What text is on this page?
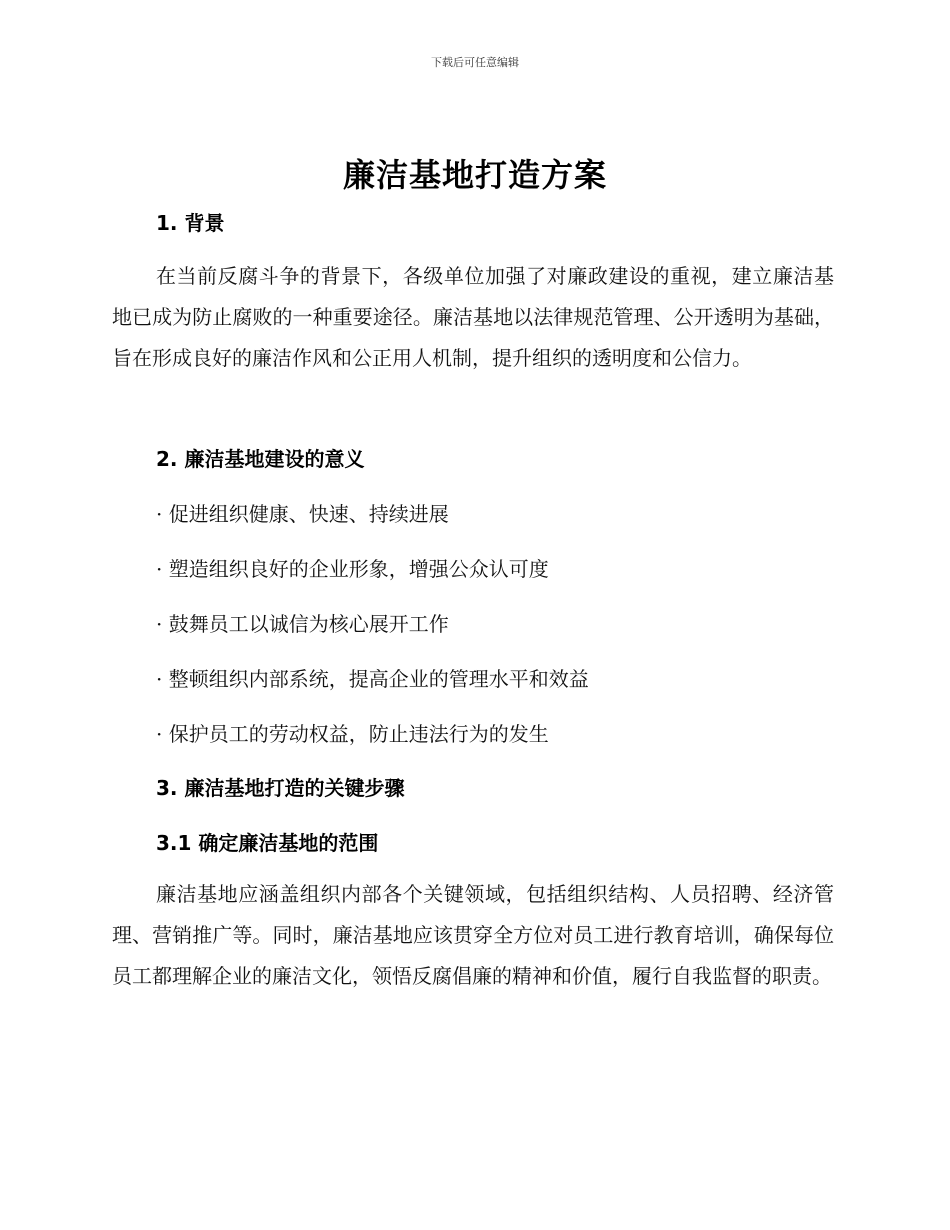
下载后可任意编辑
廉洁基地打造方案
1. 背景
在当前反腐斗争的背景下，各级单位加强了对廉政建设的重视，建立廉洁基地已成为防止腐败的一种重要途径。廉洁基地以法律规范管理、公开透明为基础，旨在形成良好的廉洁作风和公正用人机制，提升组织的透明度和公信力。
2. 廉洁基地建设的意义
· 促进组织健康、快速、持续进展
· 塑造组织良好的企业形象，增强公众认可度
· 鼓舞员工以诚信为核心展开工作
· 整顿组织内部系统，提高企业的管理水平和效益
· 保护员工的劳动权益，防止违法行为的发生
3. 廉洁基地打造的关键步骤
3.1 确定廉洁基地的范围
廉洁基地应涵盖组织内部各个关键领域，包括组织结构、人员招聘、经济管理、营销推广等。同时，廉洁基地应该贯穿全方位对员工进行教育培训，确保每位员工都理解企业的廉洁文化，领悟反腐倡廉的精神和价值，履行自我监督的职责。
